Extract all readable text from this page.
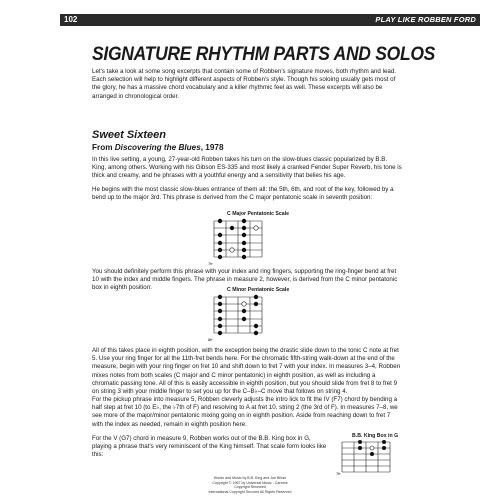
102	PLAY LIKE ROBBEN FORD
SIGNATURE RHYTHM PARTS AND SOLOS

Let's take a look at some song excerpts that contain some of Robben's signature moves, both rhythm and lead. Each selection will help to highlight different aspects of Robben's style. Though his soloing usually gets most of the glory, he has a massive chord vocabulary and a killer rhythmic feel as well. These excerpts will also be arranged in chronological order.

Sweet Sixteen
From Discovering the Blues, 1978

In this live setting, a young, 27-year-old Robben takes his turn on the slow-blues classic popularized by B.B. King, among others. Working with his Gibson ES-335 and most likely a cranked Fender Super Reverb, his tone is thick and creamy, and he phrases with a youthful energy and a sensitivity that belies his age.

He begins with the most classic slow-blues entrance of them all: the 5th, 6th, and root of the key, followed by a bend up to the major 3rd. This phrase is derived from the C major pentatonic scale in seventh position:

C Major Pentatonic Scale
7fr

You should definitely perform this phrase with your index and ring fingers, supporting the ring-finger bend at fret 10 with the index and middle fingers. The phrase in measure 2, however, is derived from the C minor pentatonic box in eighth position:	C Minor Pentatonic Scale
8fr

All of this takes place in eighth position, with the exception being the drastic slide down to the tonic C note at fret 5. Use your ring finger for all the 11th-fret bends here. For the chromatic fifth-string walk-down at the end of the measure, begin with your ring finger on fret 10 and shift down to fret 7 with your index. In measures 3–4, Robben mixes notes from both scales (C major and C minor pentatonic) in eighth position, as well as including a chromatic passing tone. All of this is easily accessible in eighth position, but you should slide from fret 8 to fret 9 on string 3 with your middle finger to set you up for the C–B♭–C move that follows on string 4.

For the pickup phrase into measure 5, Robben cleverly adjusts the intro lick to fit the IV (F7) chord by bending a half step at fret 10 (to E♭, the ♭7th of F) and resolving to A at fret 10, string 2 (the 3rd of F). In measures 7–8, we see more of the major/minor pentatonic mixing going on in eighth position. Aside from reaching down to fret 7 with the index as needed, remain in eighth position here.

For the V (G7) chord in measure 9, Robben works out of the B.B. King box in G, playing a phrase that's very reminiscent of the King himself. That scale form looks like this:

B.B. King Box in G
7fr
Words and Music by B.B. King and Joe Bihari
Copyright © 1967 by Universal Music - Careers
Copyright Renewed
International Copyright Secured All Rights Reserved
